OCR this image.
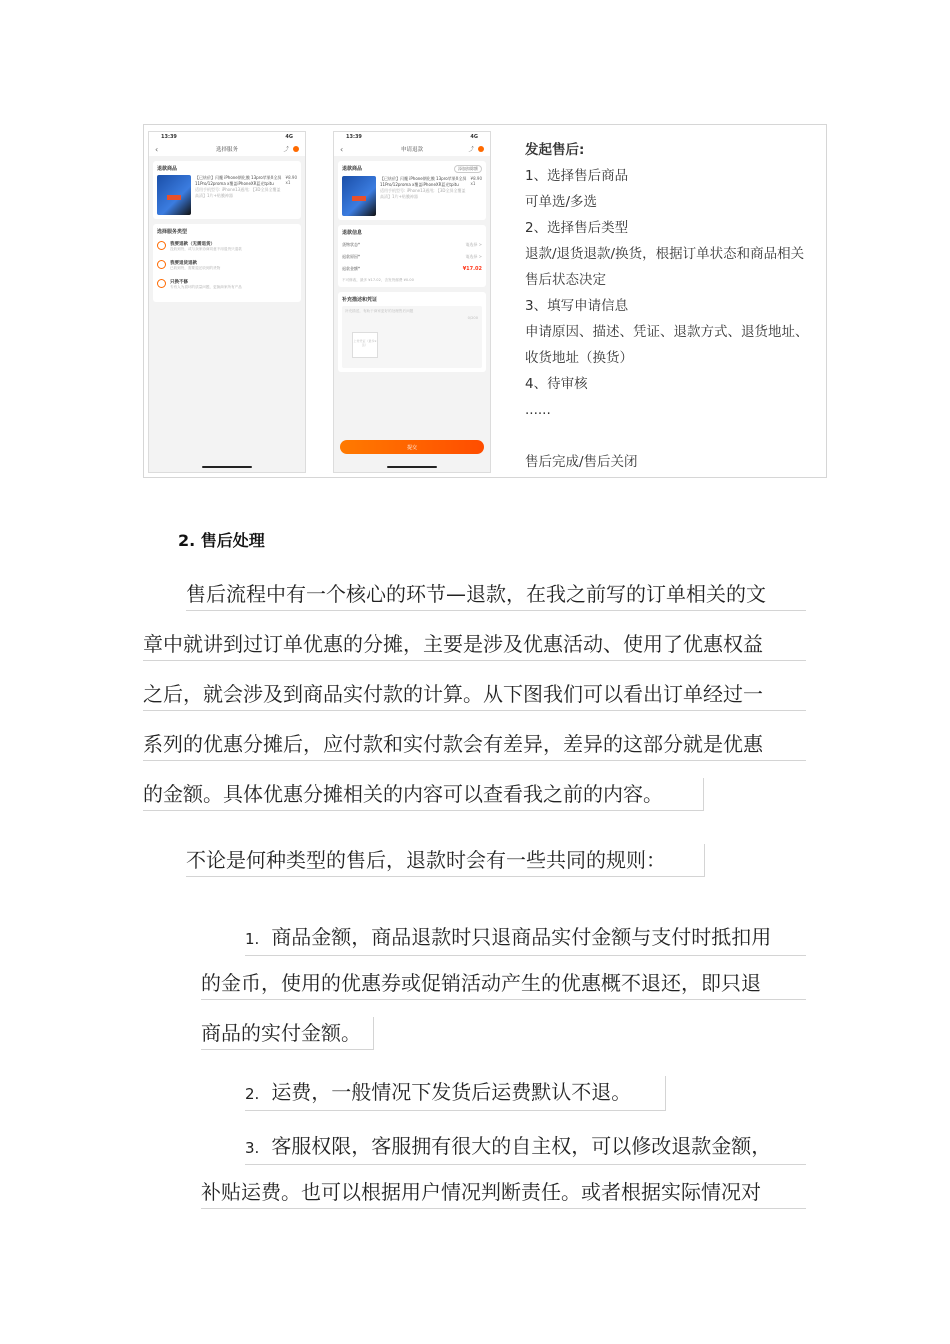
13:39	4G
‹	选择服务	⤴
退款商品
【已炫价】闪魔 iPhone钢化膜 13pro苹果X全屏11Pro/12proma x覆盖iPhoneXR蓝光tpitu
适用手机型号: iPhone13通用; 【3D全屏全覆盖高清】1片+贴膜神器
¥8.90
x1
选择服务类型
我要退款（无需退货）
没收到货，或与卖家协商同意不用退货只退款
我要退货退款
已收到货，需要退还收到的货物
只换不修
专有人为损坏的质量问题，更换商家所有产品
13:39	4G
‹	申请退款	⤴
退款商品	添加扣除额
【已炫价】闪魔 iPhone钢化膜 13pro苹果X全屏11Pro/12proma x覆盖iPhoneXR蓝光tpitu
适用手机型号: iPhone13通用; 【3D全屏全覆盖高清】1片+贴膜神器
¥8.90
x1
退款信息
货物状态*	请选择 >
退款原因*	请选择 >
退款金额*	¥17.02
不可修改，最多 ¥17.02，含发货邮费 ¥0.00
补充描述和凭证
补充描述，有助于商家更好的处理售后问题
0/200
上传凭证（最多9张）
提交
发起售后:
1、选择售后商品
可单选/多选
2、选择售后类型
退款/退货退款/换货，根据订单状态和商品相关
售后状态决定
3、填写申请信息
申请原因、描述、凭证、退款方式、退货地址、
收货地址（换货）
4、待审核
......
售后完成/售后关闭
2. 售后处理
售后流程中有一个核心的环节—退款，在我之前写的订单相关的文
章中就讲到过订单优惠的分摊，主要是涉及优惠活动、使用了优惠权益
之后，就会涉及到商品实付款的计算。从下图我们可以看出订单经过一
系列的优惠分摊后，应付款和实付款会有差异，差异的这部分就是优惠
的金额。具体优惠分摊相关的内容可以查看我之前的内容。
不论是何种类型的售后，退款时会有一些共同的规则：
1. 商品金额，商品退款时只退商品实付金额与支付时抵扣用
的金币，使用的优惠券或促销活动产生的优惠概不退还，即只退
商品的实付金额。
2. 运费，一般情况下发货后运费默认不退。
3. 客服权限，客服拥有很大的自主权，可以修改退款金额，
补贴运费。也可以根据用户情况判断责任。或者根据实际情况对
